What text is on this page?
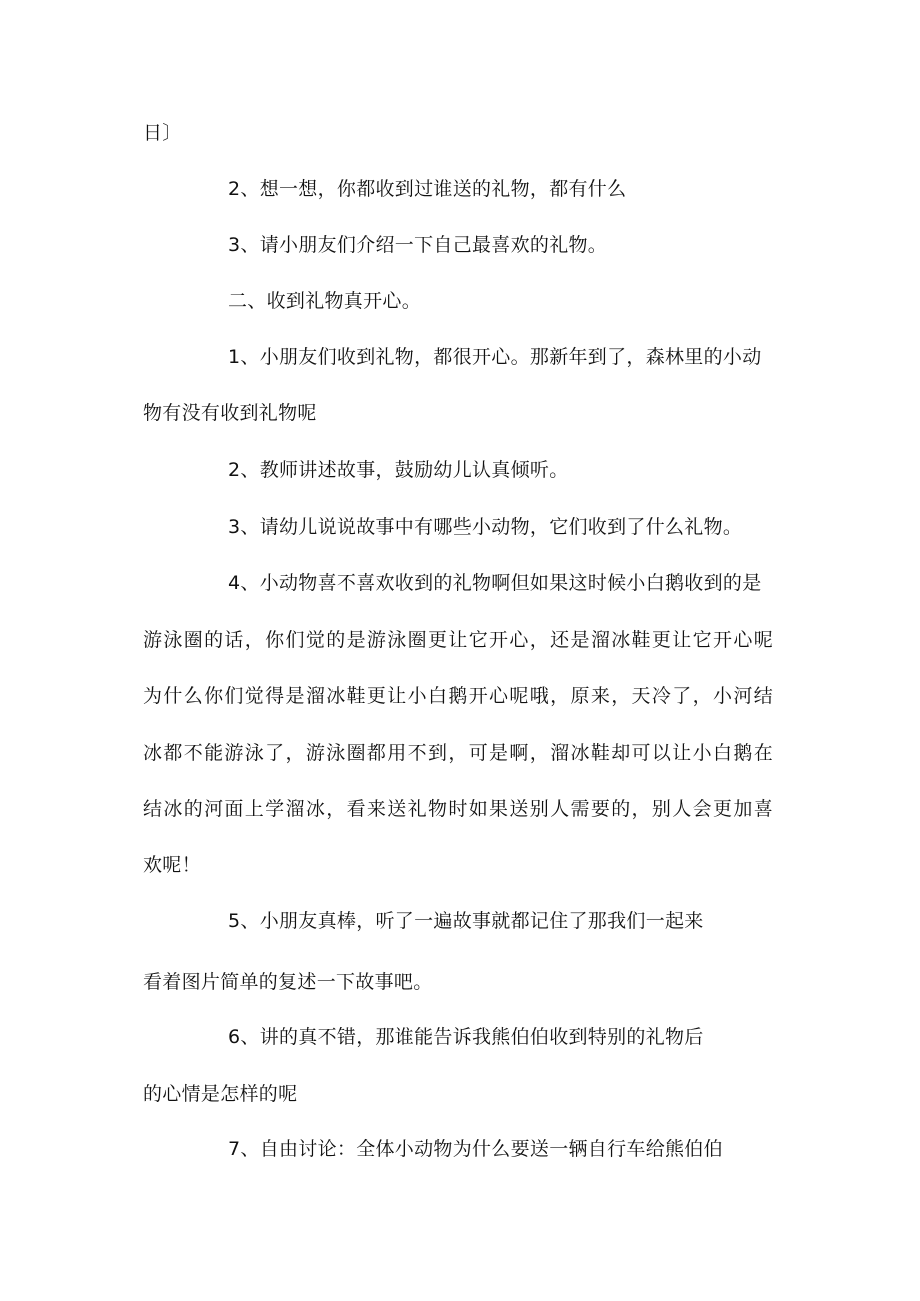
日〕

2、想一想，你都收到过谁送的礼物，都有什么

3、请小朋友们介绍一下自己最喜欢的礼物。

二、收到礼物真开心。

1、小朋友们收到礼物，都很开心。那新年到了，森林里的小动

物有没有收到礼物呢

2、教师讲述故事，鼓励幼儿认真倾听。

3、请幼儿说说故事中有哪些小动物，它们收到了什么礼物。

4、小动物喜不喜欢收到的礼物啊但如果这时候小白鹅收到的是

游泳圈的话，你们觉的是游泳圈更让它开心，还是溜冰鞋更让它开心呢

为什么你们觉得是溜冰鞋更让小白鹅开心呢哦，原来，天冷了，小河结

冰都不能游泳了，游泳圈都用不到，可是啊，溜冰鞋却可以让小白鹅在

结冰的河面上学溜冰，看来送礼物时如果送别人需要的，别人会更加喜

欢呢！

5、小朋友真棒，听了一遍故事就都记住了那我们一起来

看着图片简单的复述一下故事吧。

6、讲的真不错，那谁能告诉我熊伯伯收到特别的礼物后

的心情是怎样的呢

7、自由讨论：全体小动物为什么要送一辆自行车给熊伯伯
